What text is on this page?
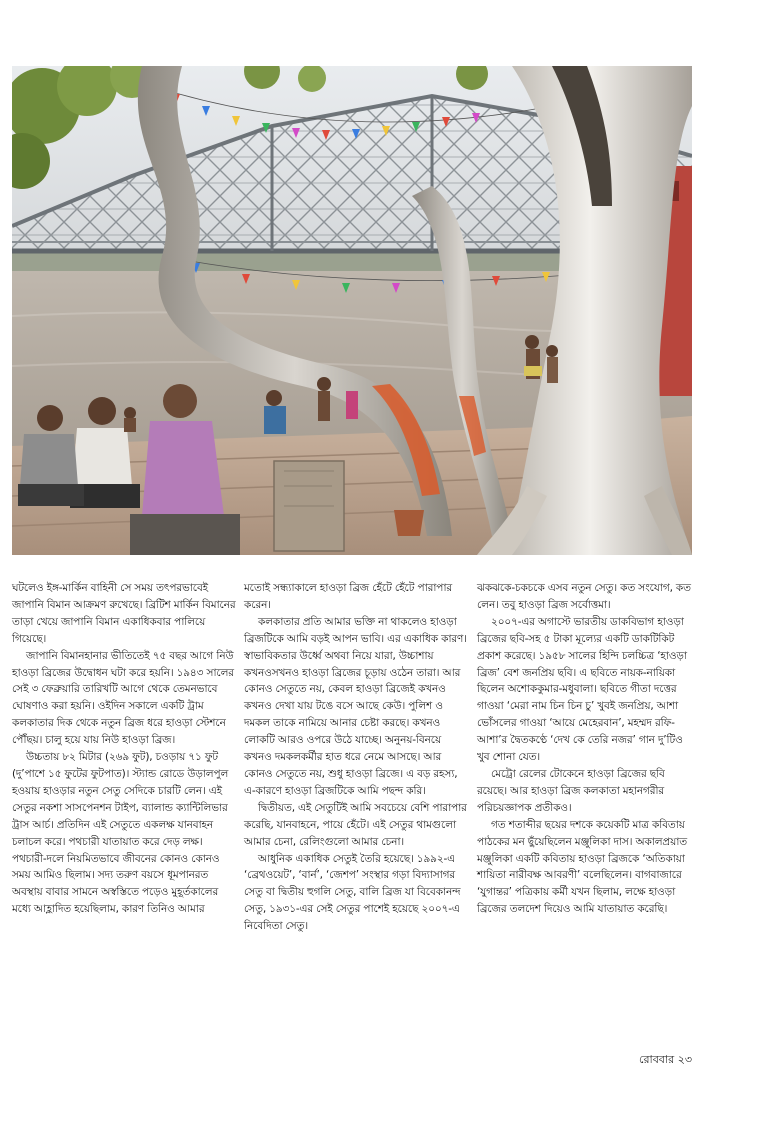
ঘটলেও ইঙ্গ-মার্কিন বাহিনী সে সময় তৎপরভাবেই জাপানি বিমান আক্রমণ রুখেছে। ব্রিটিশ মার্কিন বিমানের তাড়া খেয়ে জাপানি বিমান একাধিকবার পালিয়ে গিয়েছে।

জাপানি বিমানহানার ভীতিতেই ৭৫ বছর আগে নিউ হাওড়া ব্রিজের উদ্বোধন ঘটা করে হয়নি। ১৯৪৩ সালের সেই ৩ ফেব্রুয়ারি তারিখটি আগে থেকে তেমনভাবে ঘোষণাও করা হয়নি। ওইদিন সকালে একটি ট্রাম কলকাতার দিক থেকে নতুন ব্রিজ ধরে হাওড়া স্টেশনে পৌঁছয়। চালু হয়ে যায় নিউ হাওড়া ব্রিজ।

উচ্চতায় ৮২ মিটার (২৬৯ ফুট), চওড়ায় ৭১ ফুট (দু’পাশে ১৫ ফুটের ফুটপাত)। স্ট্যান্ড রোডে উড়ালপুল হওয়ায় হাওড়ার নতুন সেতু সেদিকে চারটি লেন। এই সেতুর নকশা সাসপেনশন টাইপ, ব্যালান্ড ক্যান্টিলিভার ট্রাস আর্চ। প্রতিদিন এই সেতুতে একলক্ষ যানবাহন চলাচল করে। পথচারী যাতায়াত করে দেড় লক্ষ। পথচারী-দলে নিয়মিতভাবে জীবনের কোনও কোনও সময় আমিও ছিলাম। সদ্য তরুণ বয়সে ধূমপানরত অবস্থায় বাবার সামনে অস্বস্তিতে পড়েও মুহূর্তকালের মধ্যে আহ্লাদিত হয়েছিলাম, কারণ তিনিও আমার

মতোই সন্ধ্যাকালে হাওড়া ব্রিজ হেঁটে হেঁটে পারাপার করেন।

কলকাতার প্রতি আমার ভক্তি না থাকলেও হাওড়া ব্রিজটিকে আমি বড়ই আপন ভাবি। এর একাধিক কারণ। স্বাভাবিকতার উর্ধ্বে অথবা নিয়ে যারা, উচ্চাশায় কখনওসখনও হাওড়া ব্রিজের চূড়ায় ওঠেন তারা। আর কোনও সেতুতে নয়, কেবল হাওড়া ব্রিজেই কখনও কখনও দেখা যায় টঙে বসে আছে কেউ। পুলিশ ও দমকল তাকে নামিয়ে আনার চেষ্টা করছে। কখনও লোকটি আরও ওপরে উঠে যাচ্ছে। অনুনয়-বিনয়ে কখনও দমকলকর্মীর হাত ধরে নেমে আসছে। আর কোনও সেতুতে নয়, শুধু হাওড়া ব্রিজে। এ বড় রহস্য, এ-কারণে হাওড়া ব্রিজটিকে আমি পছন্দ করি।

দ্বিতীয়ত, এই সেতুটিই আমি সবচেয়ে বেশি পারাপার করেছি, যানবাহনে, পায়ে হেঁটে। এই সেতুর থামগুলো আমার চেনা, রেলিংগুলো আমার চেনা।

আধুনিক একাধিক সেতুই তৈরি হয়েছে। ১৯৯২-এ ‘ব্রেথওয়েট’, ‘বার্ন’, ‘জেশপ’ সংস্থার গড়া বিদ্যাসাগর সেতু বা দ্বিতীয় হুগলি সেতু, বালি ব্রিজ যা বিবেকানন্দ সেতু, ১৯৩১-এর সেই সেতুর পাশেই হয়েছে ২০০৭-এ নিবেদিতা সেতু।

ঝকঝকে-চকচকে এসব নতুন সেতু। কত সংযোগ, কত লেন। তবু হাওড়া ব্রিজ সর্বোত্তমা।

২০০৭-এর অগাস্টে ভারতীয় ডাকবিভাগ হাওড়া ব্রিজের ছবি-সহ ৫ টাকা মূল্যের একটি ডাকটিকিট প্রকাশ করেছে। ১৯৫৮ সালের হিন্দি চলচ্চিত্র ‘হাওড়া ব্রিজ’ বেশ জনপ্রিয় ছবি। এ ছবিতে নায়ক-নায়িকা ছিলেন অশোককুমার-মধুবালা। ছবিতে গীতা দত্তের গাওয়া ‘মেরা নাম চিন চিন চু’ খুবই জনপ্রিয়, আশা ভোঁসলের গাওয়া ‘আয়ে মেহেরবান’, মহম্মদ রফি-আশা’র দ্বৈতকণ্ঠে ‘দেখ কে তেরি নজর’ গান দু’টিও খুব শোনা যেত।

মেট্রো রেলের টোকেনে হাওড়া ব্রিজের ছবি রয়েছে। আর হাওড়া ব্রিজ কলকাতা মহানগরীর পরিচয়জ্ঞাপক প্রতীকও।

গত শতাব্দীর ছয়ের দশকে কয়েকটি মাত্র কবিতায় পাঠকের মন ছুঁয়েছিলেন মঞ্জুলিকা দাস। অকালপ্রয়াত মঞ্জুলিকা একটি কবিতায় হাওড়া ব্রিজকে ‘অতিকায়া শায়িতা নারীবক্ষ আবরণী’ বলেছিলেন। বাগবাজারে ‘যুগান্তর’ পত্রিকায় কর্মী যখন ছিলাম, লক্ষে হাওড়া ব্রিজের তলদেশ দিয়েও আমি যাতায়াত করেছি।

রোববার ২৩
